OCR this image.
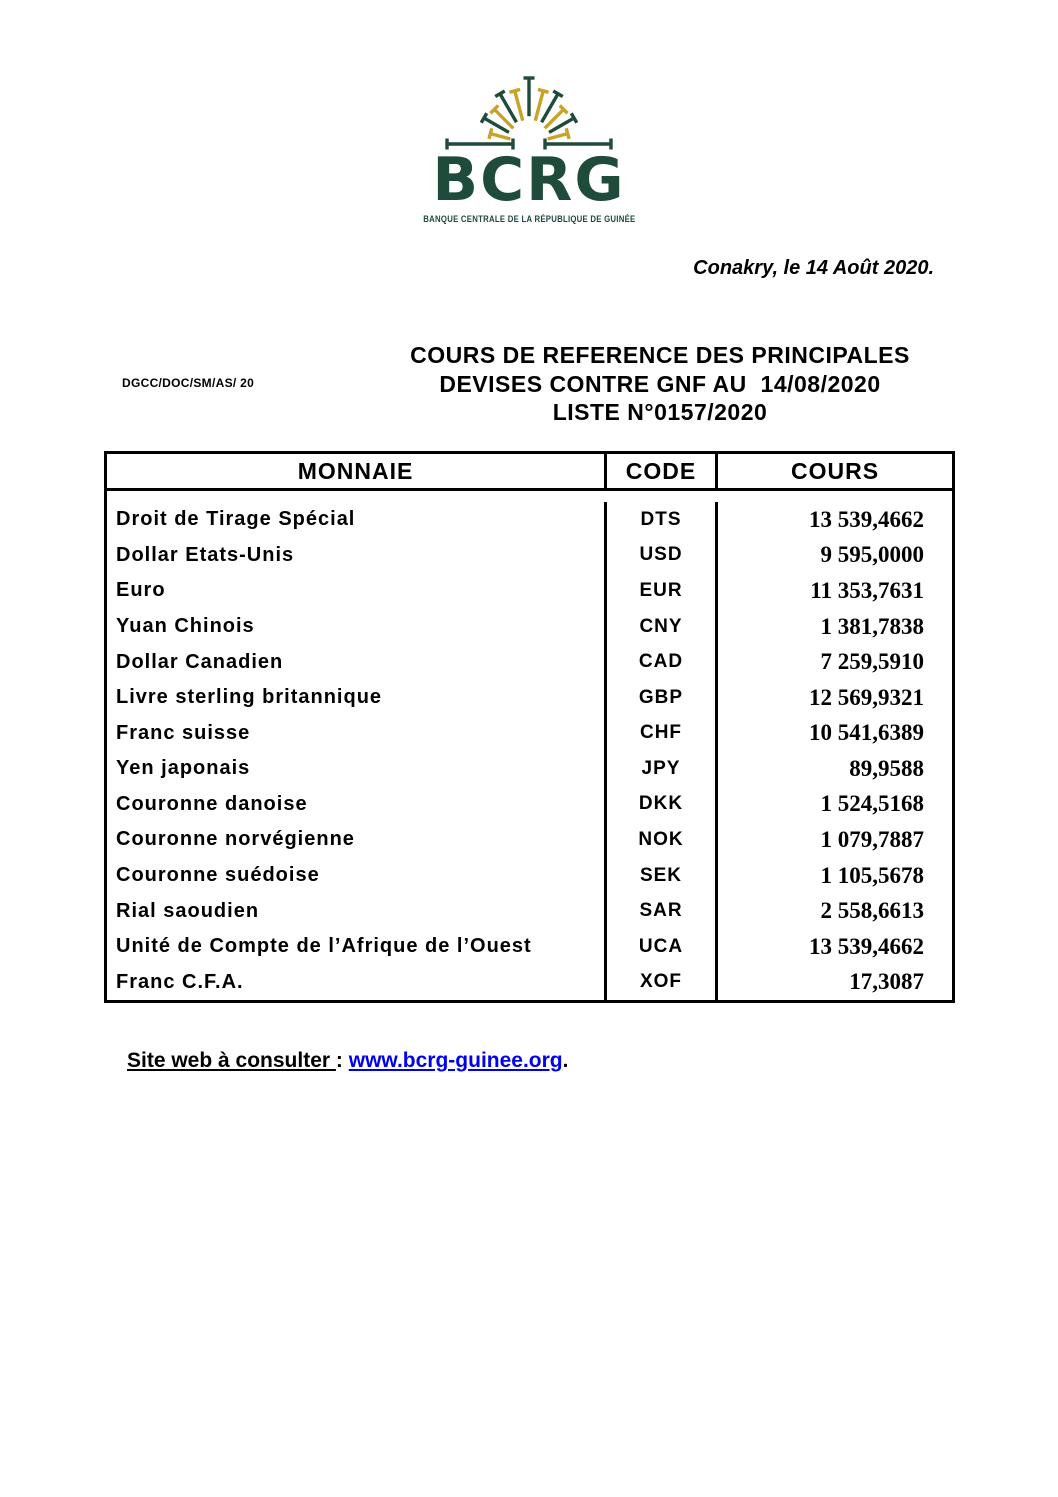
BCRG
BANQUE CENTRALE DE LA RÉPUBLIQUE DE GUINÉE
Conakry, le 14 Août 2020.
DGCC/DOC/SM/AS/ 20
COURS DE REFERENCE DES PRINCIPALES
DEVISES CONTRE GNF AU  14/08/2020
LISTE N°0157/2020
MONNAIE	CODE	COURS
Droit de Tirage Spécial	DTS	13 539,4662
Dollar Etats-Unis	USD	9 595,0000
Euro	EUR	11 353,7631
Yuan Chinois	CNY	1 381,7838
Dollar Canadien	CAD	7 259,5910
Livre sterling britannique	GBP	12 569,9321
Franc suisse	CHF	10 541,6389
Yen japonais	JPY	89,9588
Couronne danoise	DKK	1 524,5168
Couronne norvégienne	NOK	1 079,7887
Couronne suédoise	SEK	1 105,5678
Rial saoudien	SAR	2 558,6613
Unité de Compte de l’Afrique de l’Ouest	UCA	13 539,4662
Franc C.F.A.	XOF	17,3087
Site web à consulter : www.bcrg-guinee.org.
